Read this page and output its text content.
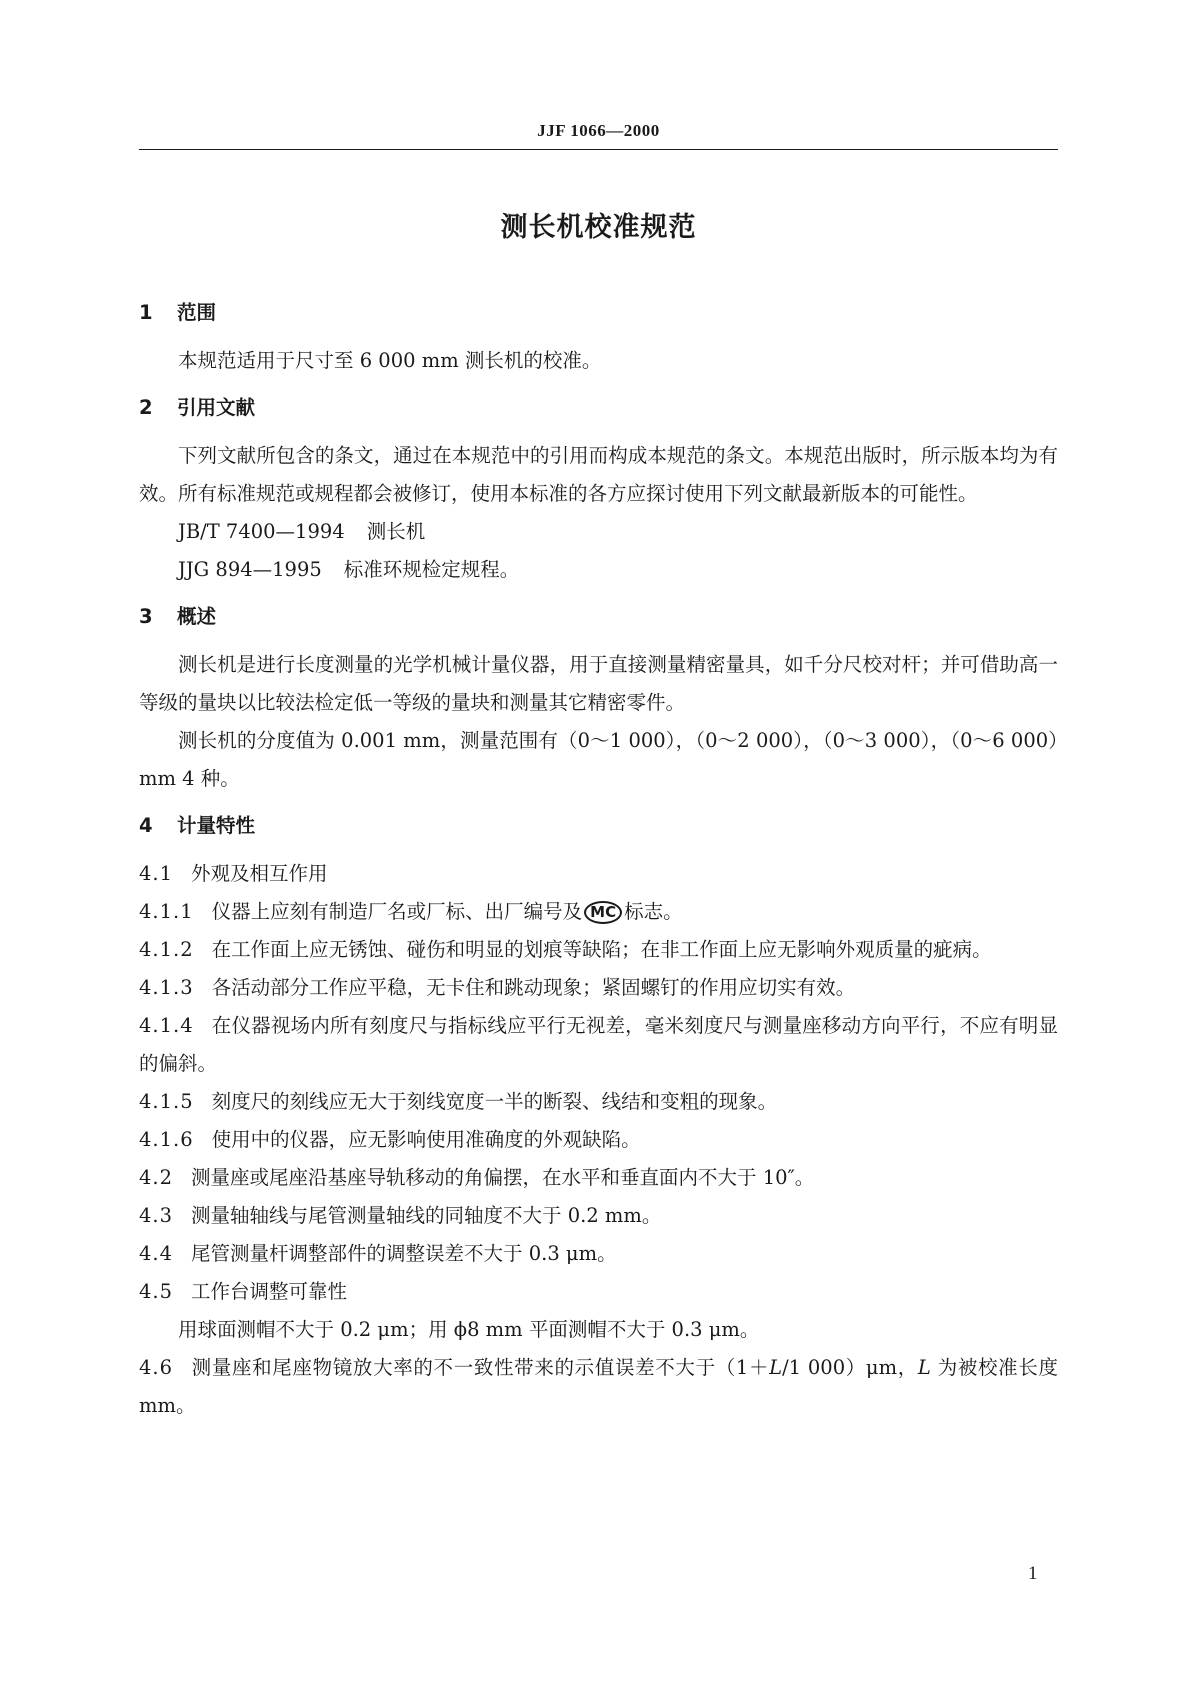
JJF 1066—2000
测长机校准规范
1 范围

本规范适用于尺寸至 6 000 mm 测长机的校准。

2 引用文献

下列文献所包含的条文，通过在本规范中的引用而构成本规范的条文。本规范出版时，所示版本均为有效。所有标准规范或规程都会被修订，使用本标准的各方应探讨使用下列文献最新版本的可能性。

JB/T 7400—1994 测长机

JJG 894—1995 标准环规检定规程。

3 概述

测长机是进行长度测量的光学机械计量仪器，用于直接测量精密量具，如千分尺校对杆；并可借助高一等级的量块以比较法检定低一等级的量块和测量其它精密零件。

测长机的分度值为 0.001 mm，测量范围有（0～1 000），（0～2 000），（0～3 000），（0～6 000）mm 4 种。

4 计量特性

4.1 外观及相互作用

4.1.1 仪器上应刻有制造厂名或厂标、出厂编号及 MC 标志。

4.1.2 在工作面上应无锈蚀、碰伤和明显的划痕等缺陷；在非工作面上应无影响外观质量的疵病。

4.1.3 各活动部分工作应平稳，无卡住和跳动现象；紧固螺钉的作用应切实有效。

4.1.4 在仪器视场内所有刻度尺与指标线应平行无视差，毫米刻度尺与测量座移动方向平行，不应有明显的偏斜。

4.1.5 刻度尺的刻线应无大于刻线宽度一半的断裂、线结和变粗的现象。

4.1.6 使用中的仪器，应无影响使用准确度的外观缺陷。

4.2 测量座或尾座沿基座导轨移动的角偏摆，在水平和垂直面内不大于 10″。

4.3 测量轴轴线与尾管测量轴线的同轴度不大于 0.2 mm。

4.4 尾管测量杆调整部件的调整误差不大于 0.3 μm。

4.5 工作台调整可靠性

用球面测帽不大于 0.2 μm；用 ϕ8 mm 平面测帽不大于 0.3 μm。

4.6 测量座和尾座物镜放大率的不一致性带来的示值误差不大于（1＋L/1 000）μm，L 为被校准长度 mm。

1
